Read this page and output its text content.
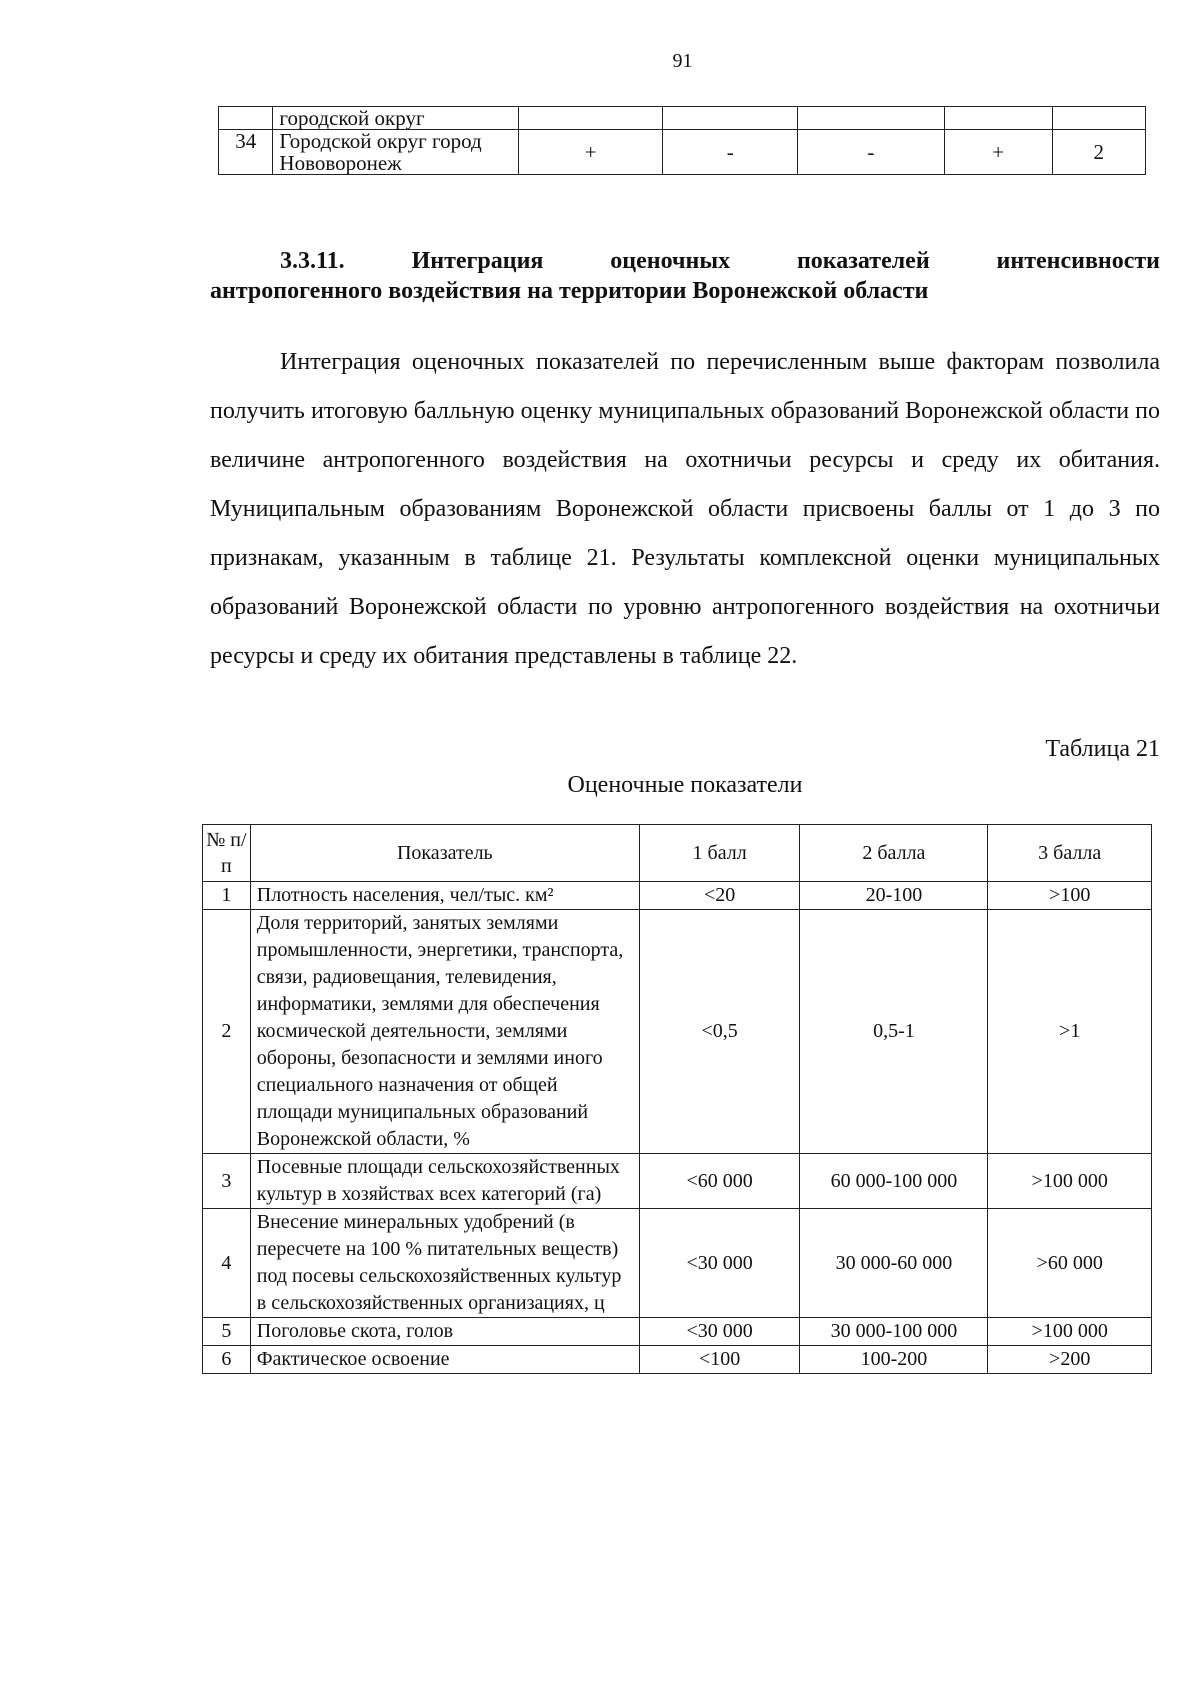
91
	городской округ					
34	Городской округ город Нововоронеж	+	-	-	+	2
3.3.11.	Интеграция оценочных показателей интенсивности
антропогенного воздействия на территории Воронежской области
Интеграция оценочных показателей по перечисленным выше факторам позволила получить итоговую балльную оценку муниципальных образований Воронежской области по величине антропогенного воздействия на охотничьи ресурсы и среду их обитания. Муниципальным образованиям Воронежской области присвоены баллы от 1 до 3 по признакам, указанным в таблице 21. Результаты комплексной оценки муниципальных образований Воронежской области по уровню антропогенного воздействия на охотничьи ресурсы и среду их обитания представлены в таблице 22.
Таблица 21
Оценочные показатели
№ п/п	Показатель	1 балл	2 балла	3 балла
1	Плотность населения, чел/тыс. км²	<20	20-100	>100
2	Доля территорий, занятых землями промышленности, энергетики, транспорта, связи, радиовещания, телевидения, информатики, землями для обеспечения космической деятельности, землями обороны, безопасности и землями иного специального назначения от общей площади муниципальных образований Воронежской области, %	<0,5	0,5-1	>1
3	Посевные площади сельскохозяйственных культур в хозяйствах всех категорий (га)	<60 000	60 000-100 000	>100 000
4	Внесение минеральных удобрений (в пересчете на 100 % питательных веществ) под посевы сельскохозяйственных культур в сельскохозяйственных организациях, ц	<30 000	30 000-60 000	>60 000
5	Поголовье скота, голов	<30 000	30 000-100 000	>100 000
6	Фактическое освоение	<100	100-200	>200
